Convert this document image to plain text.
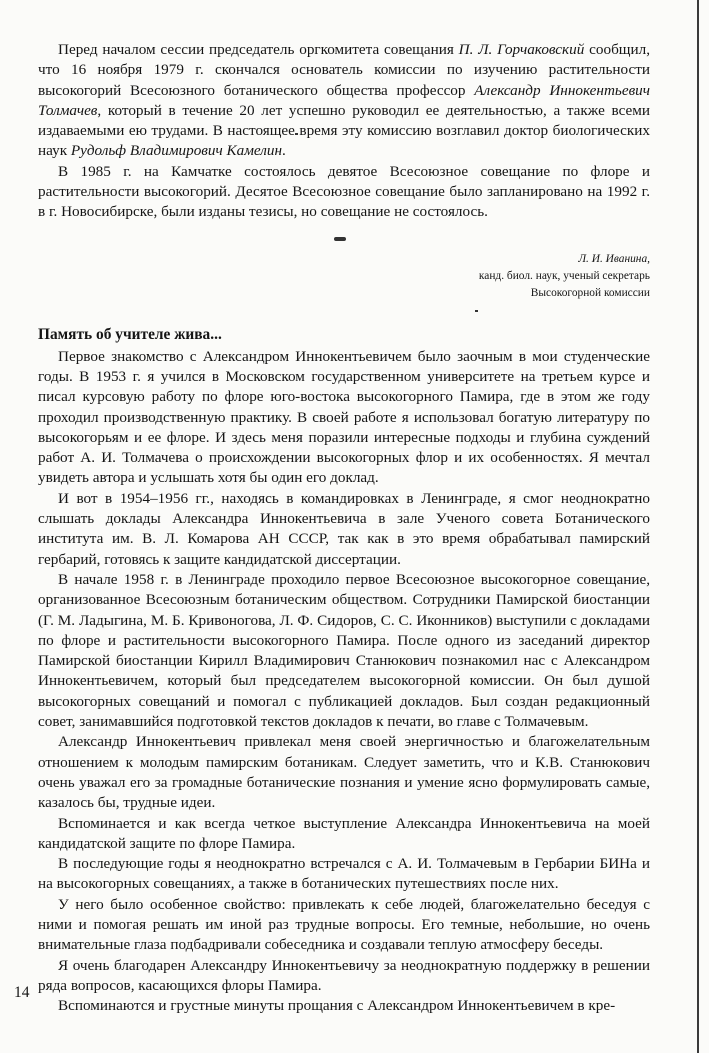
Перед началом сессии председатель оргкомитета совещания П. Л. Горчаковский сообщил, что 16 ноября 1979 г. скончался основатель комиссии по изучению растительности высокогорий Всесоюзного ботанического общества профессор Александр Иннокентьевич Толмачев, который в течение 20 лет успешно руководил ее деятельностью, а также всеми издаваемыми ею трудами. В настоящее время эту комиссию возглавил доктор биологических наук Рудольф Владимирович Камелин.

В 1985 г. на Камчатке состоялось девятое Всесоюзное совещание по флоре и растительности высокогорий. Десятое Всесоюзное совещание было запланировано на 1992 г. в г. Новосибирске, были изданы тезисы, но совещание не состоялось.

Л. И. Иванина,
канд. биол. наук, ученый секретарь
Высокогорной комиссии
Память об учителе жива...

Первое знакомство с Александром Иннокентьевичем было заочным в мои студенческие годы. В 1953 г. я учился в Московском государственном университете на третьем курсе и писал курсовую работу по флоре юго-востока высокогорного Памира, где в этом же году проходил производственную практику. В своей работе я использовал богатую литературу по высокогорьям и ее флоре. И здесь меня поразили интересные подходы и глубина суждений работ А. И. Толмачева о происхождении высокогорных флор и их особенностях. Я мечтал увидеть автора и услышать хотя бы один его доклад.

И вот в 1954–1956 гг., находясь в командировках в Ленинграде, я смог неоднократно слышать доклады Александра Иннокентьевича в зале Ученого совета Ботанического института им. В. Л. Комарова АН СССР, так как в это время обрабатывал памирский гербарий, готовясь к защите кандидатской диссертации.

В начале 1958 г. в Ленинграде проходило первое Всесоюзное высокогорное совещание, организованное Всесоюзным ботаническим обществом. Сотрудники Памирской биостанции (Г. М. Ладыгина, М. Б. Кривоногова, Л. Ф. Сидоров, С. С. Иконников) выступили с докладами по флоре и растительности высокогорного Памира. После одного из заседаний директор Памирской биостанции Кирилл Владимирович Станюкович познакомил нас с Александром Иннокентьевичем, который был председателем высокогорной комиссии. Он был душой высокогорных совещаний и помогал с публикацией докладов. Был создан редакционный совет, занимавшийся подготовкой текстов докладов к печати, во главе с Толмачевым.

Александр Иннокентьевич привлекал меня своей энергичностью и благожелательным отношением к молодым памирским ботаникам. Следует заметить, что и К.В. Станюкович очень уважал его за громадные ботанические познания и умение ясно формулировать самые, казалось бы, трудные идеи.

Вспоминается и как всегда четкое выступление Александра Иннокентьевича на моей кандидатской защите по флоре Памира.

В последующие годы я неоднократно встречался с А. И. Толмачевым в Гербарии БИНа и на высокогорных совещаниях, а также в ботанических путешествиях после них.

У него было особенное свойство: привлекать к себе людей, благожелательно беседуя с ними и помогая решать им иной раз трудные вопросы. Его темные, небольшие, но очень внимательные глаза подбадривали собеседника и создавали теплую атмосферу беседы.

Я очень благодарен Александру Иннокентьевичу за неоднократную поддержку в решении ряда вопросов, касающихся флоры Памира.

Вспоминаются и грустные минуты прощания с Александром Иннокентьевичем в кре-

14
